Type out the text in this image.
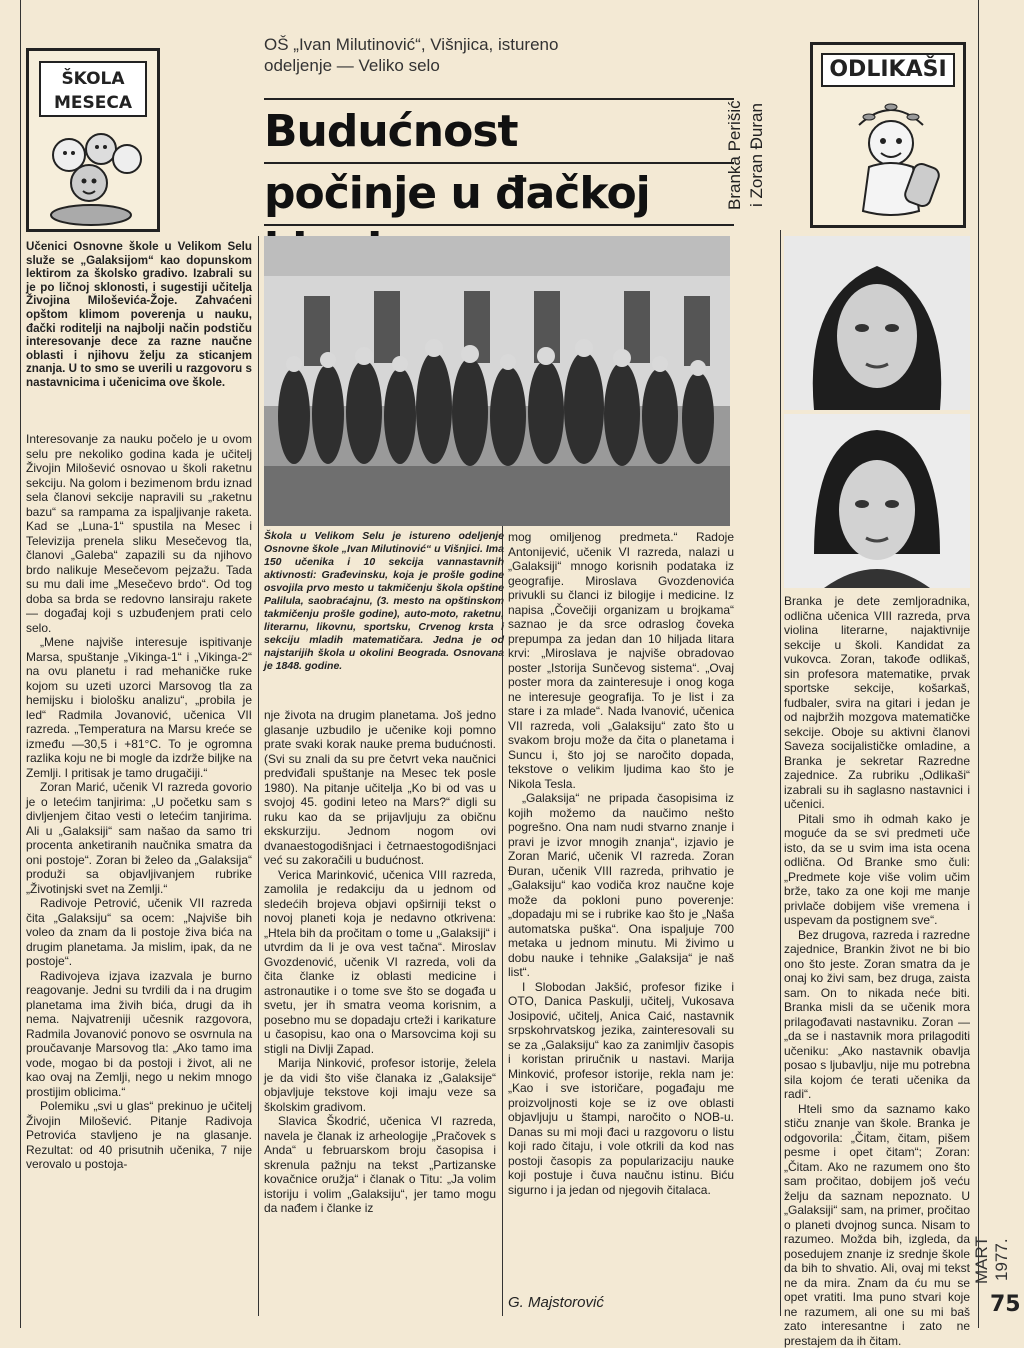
ŠKOLA
MESECA
OŠ „Ivan Milutinović“, Višnjica, istureno odeljenje — Veliko selo
Budućnost
počinje u đačkoj	Branka Perišić i Zoran Đuran
ODLIKAŠI
Učenici Osnovne škole u Velikom Selu služe se „Galaksijom“ kao dopunskom lektirom za školsko gradivo. Izabrali su je po ličnoj sklonosti, i sugestiji učitelja Živojina Miloševića-Žoje. Zahvaćeni opštom klimom poverenja u nauku, đački roditelji na najbolji način podstiču interesovanje dece za razne naučne oblasti i njihovu želju za sticanjem znanja. U to smo se uverili u razgovoru s nastavnicima i učenicima ove škole.

Interesovanje za nauku počelo je u ovom selu pre nekoliko godina kada je učitelj Živojin Milošević osnovao u školi raketnu sekciju. Na golom i bezimenom brdu iznad sela članovi sekcije napravili su „raketnu bazu“ sa rampama za ispaljivanje raketa. Kad se „Luna-1“ spustila na Mesec i Televizija prenela sliku Mesečevog tla, članovi „Galeba“ zapazili su da njihovo brdo nalikuje Mesečevom pejzažu. Tada su mu dali ime „Mesečevo brdo“. Od tog doba sa brda se redovno lansiraju rakete — događaj koji s uzbuđenjem prati celo selo.

„Mene najviše interesuje ispitivanje Marsa, spuštanje „Vikinga-1“ i „Vikinga-2“ na ovu planetu i rad mehaničke ruke kojom su uzeti uzorci Marsovog tla za hemijsku i biološku analizu“, „probila je led“ Radmila Jovanović, učenica VII razreda. „Temperatura na Marsu kreće se između —30,5 i +81°C. To je ogromna razlika koju ne bi mogle da izdrže biljke na Zemlji. I pritisak je tamo drugačiji.“

Zoran Marić, učenik VI razreda govorio je o letećim tanjirima: „U početku sam s divljenjem čitao vesti o letećim tanjirima. Ali u „Galaksiji“ sam našao da samo tri procenta anketiranih naučnika smatra da oni postoje“. Zoran bi želeo da „Galaksija“ produži sa objavljivanjem rubrike „Životinjski svet na Zemlji.“

Radivoje Petrović, učenik VII razreda čita „Galaksiju“ sa ocem: „Najviše bih voleo da znam da li postoje živa bića na drugim planetama. Ja mislim, ipak, da ne postoje“.

Radivojeva izjava izazvala je burno reagovanje. Jedni su tvrdili da i na drugim planetama ima živih bića, drugi da ih nema. Najvatreniji učesnik razgovora, Radmila Jovanović ponovo se osvrnula na proučavanje Marsovog tla: „Ako tamo ima vode, mogao bi da postoji i život, ali ne kao ovaj na Zemlji, nego u nekim mnogo prostijim oblicima.“

Polemiku „svi u glas“ prekinuo je učitelj Živojin Milošević. Pitanje Radivoja Petrovića stavljeno je na glasanje. Rezultat: od 40 prisutnih učenika, 7 nije verovalo u postoja-

Škola u Velikom Selu je istureno odeljenje Osnovne škole „Ivan Milutinović“ u Višnjici. Ima 150 učenika i 10 sekcija vannastavnih aktivnosti: Građevinsku, koja je prošle godine osvojila prvo mesto u takmičenju škola opštine Palilula, saobraćajnu, (3. mesto na opštinskom takmičenju prošle godine), auto-moto, raketnu, literarnu, likovnu, sportsku, Crvenog krsta i sekciju mladih matematičara. Jedna je od najstarijih škola u okolini Beograda. Osnovana je 1848. godine.

nje života na drugim planetama. Još jedno glasanje uzbudilo je učenike koji pomno prate svaki korak nauke prema budućnosti. (Svi su znali da su pre četvrt veka naučnici predviđali spuštanje na Mesec tek posle 1980). Na pitanje učitelja „Ko bi od vas u svojoj 45. godini leteo na Mars?“ digli su ruku kao da se prijavljuju za običnu ekskurziju. Jednom nogom ovi dvanaestogodišnjaci i četrnaestogodišnjaci već su zakoračili u budućnost.

Verica Marinković, učenica VIII razreda, zamolila je redakciju da u jednom od sledećih brojeva objavi opširniji tekst o novoj planeti koja je nedavno otkrivena: „Htela bih da pročitam o tome u „Galaksiji“ i utvrdim da li je ova vest tačna“. Miroslav Gvozdenović, učenik VI razreda, voli da čita članke iz oblasti medicine i astronautike i o tome sve što se događa u svetu, jer ih smatra veoma korisnim, a posebno mu se dopadaju crteži i karikature u časopisu, kao ona o Marsovcima koji su stigli na Divlji Zapad.

Marija Ninković, profesor istorije, želela je da vidi što više članaka iz „Galaksije“ objavljuje tekstove koji imaju veze sa školskim gradivom.

Slavica Škodrić, učenica VI razreda, navela je članak iz arheologije „Pračovek s Anda“ u februarskom broju časopisa i skrenula pažnju na tekst „Partizanske kovačnice oružja“ i članak o Titu: „Ja volim istoriju i volim „Galaksiju“, jer tamo mogu da nađem i članke iz

mog omiljenog predmeta.“ Radoje Antonijević, učenik VI razreda, nalazi u „Galaksiji“ mnogo korisnih podataka iz geografije. Miroslava Gvozdenovića privukli su članci iz bilogije i medicine. Iz napisa „Čovečiji organizam u brojkama“ saznao je da srce odraslog čoveka prepumpa za jedan dan 10 hiljada litara krvi: „Miroslava je najviše obradovao poster „Istorija Sunčevog sistema“. „Ovaj poster mora da zainteresuje i onog koga ne interesuje geografija. To je list i za stare i za mlade“. Nada Ivanović, učenica VII razreda, voli „Galaksiju“ zato što u svakom broju može da čita o planetama i Suncu i, što joj se naročito dopada, tekstove o velikim ljudima kao što je Nikola Tesla.

„Galaksija“ ne pripada časopisima iz kojih možemo da naučimo nešto pogrešno. Ona nam nudi stvarno znanje i pravi je izvor mnogih znanja“, izjavio je Zoran Marić, učenik VI razreda. Zoran Đuran, učenik VIII razreda, prihvatio je „Galaksiju“ kao vodiča kroz naučne koje može da pokloni puno poverenje: „dopadaju mi se i rubrike kao što je „Naša automatska puška“. Ona ispaljuje 700 metaka u jednom minutu. Mi živimo u dobu nauke i tehnike „Galaksija“ je naš list“.

I Slobodan Jakšić, profesor fizike i OTO, Danica Paskulji, učitelj, Vukosava Josipović, učitelj, Anica Caić, nastavnik srpskohrvatskog jezika, zainteresovali su se za „Galaksiju“ kao za zanimljiv časopis i koristan priručnik u nastavi. Marija Minković, profesor istorije, rekla nam je: „Kao i sve istoričare, pogađaju me proizvoljnosti koje se iz ove oblasti objavljuju u štampi, naročito o NOB-u. Danas su mi moji đaci u razgovoru o listu koji rado čitaju, i vole otkrili da kod nas postoji časopis za popularizaciju nauke koji postuje i čuva naučnu istinu. Biću sigurno i ja jedan od njegovih čitalaca.

G. Majstorović

Branka je dete zemljoradnika, odlična učenica VIII razreda, prva violina literarne, najaktivnije sekcije u školi. Kandidat za vukovca. Zoran, takođe odlikaš, sin profesora matematike, prvak sportske sekcije, košarkaš, fudbaler, svira na gitari i jedan je od najbržih mozgova matematičke sekcije. Oboje su aktivni članovi Saveza socijalističke omladine, a Branka je sekretar Razredne zajednice. Za rubriku „Odlikaši“ izabrali su ih saglasno nastavnici i učenici.

Pitali smo ih odmah kako je moguće da se svi predmeti uče isto, da se u svim ima ista ocena odlična. Od Branke smo čuli: „Predmete koje više volim učim brže, tako za one koji me manje privlače dobijem više vremena i uspevam da postignem sve“.

Bez drugova, razreda i razredne zajednice, Brankin život ne bi bio ono što jeste. Zoran smatra da je onaj ko živi sam, bez druga, zaista sam. On to nikada neće biti. Branka misli da se učenik mora prilagođavati nastavniku. Zoran — „da se i nastavnik mora prilagoditi učeniku: „Ako nastavnik obavlja posao s ljubavlju, nije mu potrebna sila kojom će terati učenika da radi“.

Hteli smo da saznamo kako stiču znanje van škole. Branka je odgovorila: „Čitam, čitam, pišem pesme i opet čitam“; Zoran: „Čitam. Ako ne razumem ono što sam pročitao, dobijem još veću želju da saznam nepoznato. U „Galaksiji“ sam, na primer, pročitao o planeti dvojnog sunca. Nisam to razumeo. Možda bih, izgleda, da posedujem znanje iz srednje škole da bih to shvatio. Ali, ovaj mi tekst ne da mira. Znam da ću mu se opet vratiti. Ima puno stvari koje ne razumem, ali one su mi baš zato interesantne i zato ne prestajem da ih čitam.

MART 1977.
75
